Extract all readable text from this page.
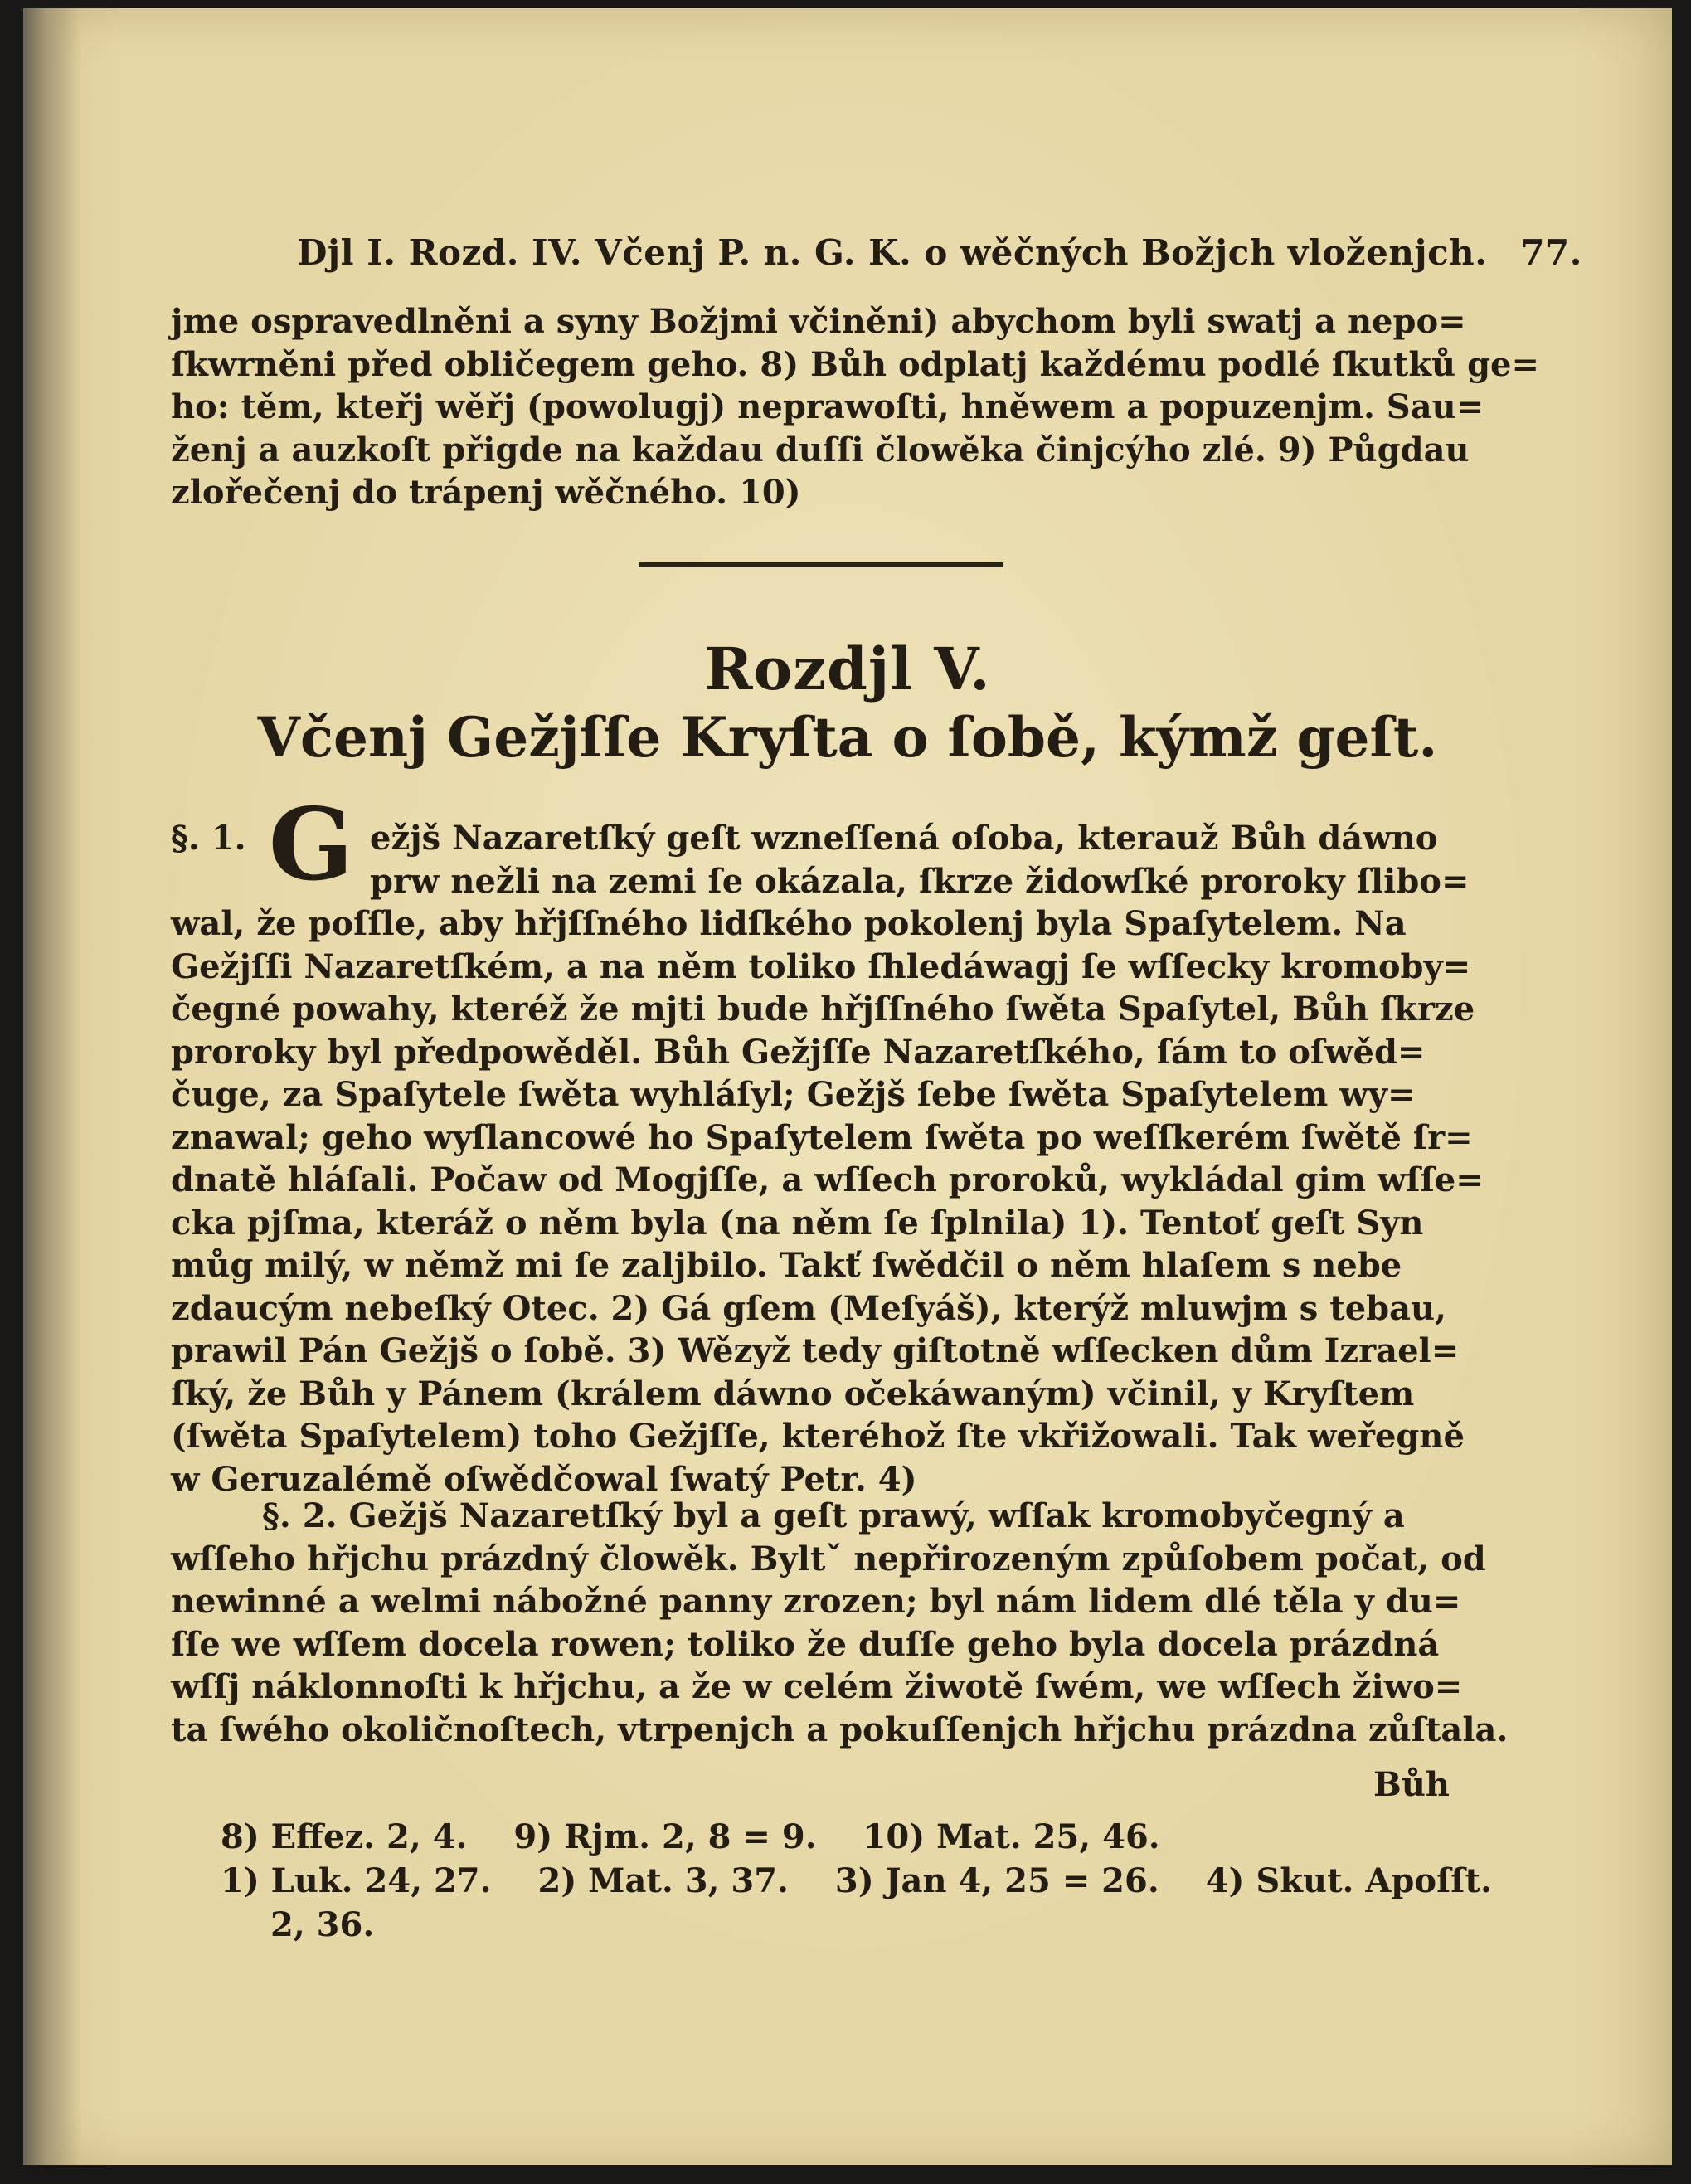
Djl I. Rozd. IV. Včenj P. n. G. K. o wěčných Božjch vloženjch. 77.
jme ospravedlněni a syny Božjmi včiněni) abychom byli swatj a nepo=
ſkwrněni před obličegem geho. 8) Bůh odplatj každému podlé ſkutků ge=
ho: těm, kteřj wěřj (powolugj) neprawoſti, hněwem a popuzenjm. Sau=
ženj a auzkoſt přigde na každau duſſi člowěka činjcýho zlé. 9) Půgdau
zlořečenj do trápenj wěčného. 10)
Rozdjl V.
Včenj Gežjſſe Kryſta o ſobě, kýmž geſt.
G
§. 1.	ežjš Nazaretſký geſt wzneſſená oſoba, kterauž Bůh dáwno
prw nežli na zemi ſe okázala, ſkrze židowſké proroky ſlibo=
wal, že poſſle, aby hřjſſného lidſkého pokolenj byla Spaſytelem. Na
Gežjſſi Nazaretſkém, a na něm toliko ſhledáwagj ſe wſſecky kromoby=
čegné powahy, kteréž že mjti bude hřjſſného ſwěta Spaſytel, Bůh ſkrze
proroky byl předpowěděl. Bůh Gežjſſe Nazaretſkého, ſám to oſwěd=
čuge, za Spaſytele ſwěta wyhláſyl; Gežjš ſebe ſwěta Spaſytelem wy=
znawal; geho wyſlancowé ho Spaſytelem ſwěta po weſſkerém ſwětě ſr=
dnatě hláſali. Počaw od Mogjſſe, a wſſech proroků, wykládal gim wſſe=
cka pjſma, kteráž o něm byla (na něm ſe ſplnila) 1). Tentoť geſt Syn
můg milý, w němž mi ſe zaljbilo. Takť ſwědčil o něm hlaſem s nebe
zdaucým nebeſký Otec. 2) Gá gſem (Meſyáš), kterýž mluwjm s tebau,
prawil Pán Gežjš o ſobě. 3) Wězyž tedy giſtotně wſſecken dům Izrael=
ſký, že Bůh y Pánem (králem dáwno očekáwaným) včinil, y Kryſtem
(ſwěta Spaſytelem) toho Gežjſſe, kteréhož ſte vkřižowali. Tak weřegně
w Geruzalémě oſwědčowal ſwatý Petr. 4)
§. 2. Gežjš Nazaretſký byl a geſt prawý, wſſak kromobyčegný a
wſſeho hřjchu prázdný člowěk. Byltˇ nepřirozeným způſobem počat, od
newinné a welmi nábožné panny zrozen; byl nám lidem dlé těla y du=
ſſe we wſſem docela rowen; toliko že duſſe geho byla docela prázdná
wſſj náklonnoſti k hřjchu, a že w celém žiwotě ſwém, we wſſech žiwo=
ta ſwého okoličnoſtech, vtrpenjch a pokuſſenjch hřjchu prázdna zůſtala.
Bůh
8) Effez. 2, 4. 9) Rjm. 2, 8 = 9. 10) Mat. 25, 46.
1) Luk. 24, 27. 2) Mat. 3, 37. 3) Jan 4, 25 = 26. 4) Skut. Apoſſt.
2, 36.
